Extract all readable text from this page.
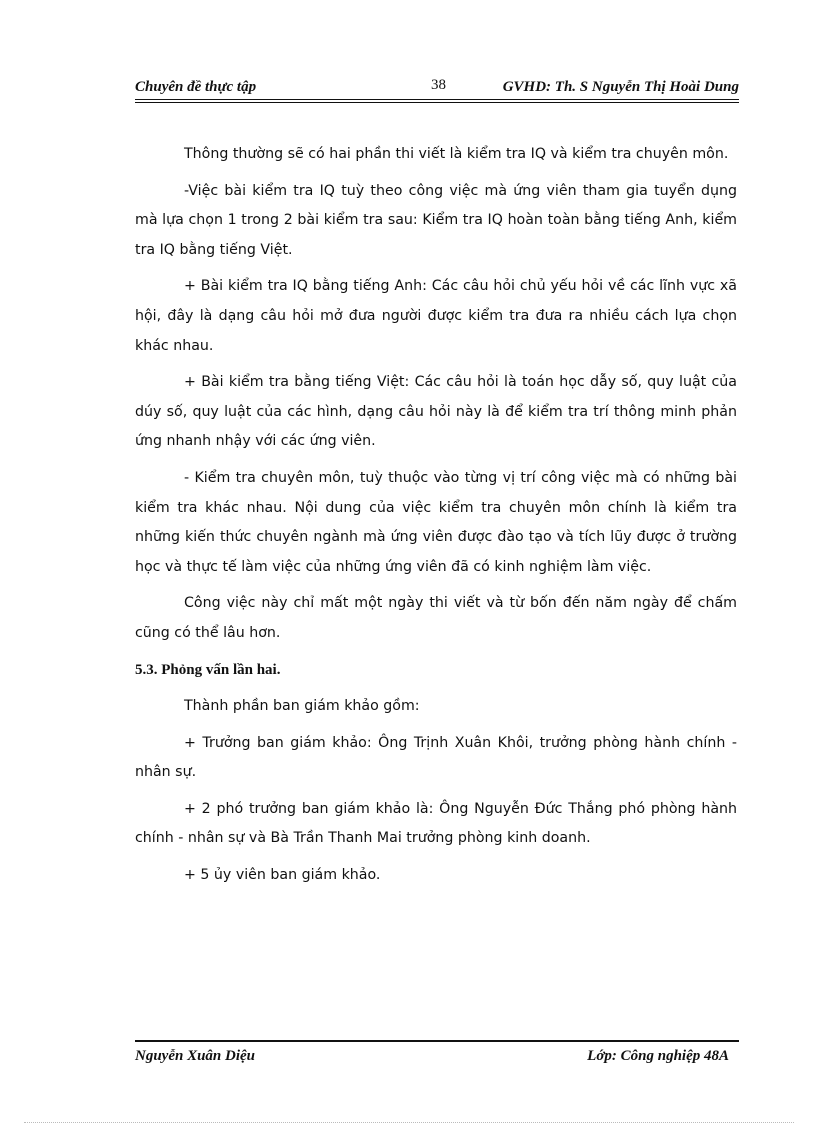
Chuyên đề thực tập	38	GVHD: Th. S Nguyễn Thị Hoài Dung

Thông thường sẽ có hai phần thi viết là kiểm tra IQ và kiểm tra chuyên môn.

-Việc bài kiểm tra IQ tuỳ theo công việc mà ứng viên tham gia tuyển dụng mà lựa chọn 1 trong 2 bài kiểm tra sau: Kiểm tra IQ hoàn toàn bằng tiếng Anh, kiểm tra IQ bằng tiếng Việt.

+ Bài kiểm tra IQ bằng tiếng Anh: Các câu hỏi chủ yếu hỏi về các lĩnh vực xã hội, đây là dạng câu hỏi mở đưa người được kiểm tra đưa ra nhiều cách lựa chọn khác nhau.

+ Bài kiểm tra bằng tiếng Việt: Các câu hỏi là toán học dẫy số, quy luật của dúy số, quy luật của các hình, dạng câu hỏi này là để kiểm tra trí thông minh phản ứng nhanh nhậy với các ứng viên.

- Kiểm tra chuyên môn, tuỳ thuộc vào từng vị trí công việc mà có những bài kiểm tra khác nhau. Nội dung của việc kiểm tra chuyên môn chính là kiểm tra những kiến thức chuyên ngành mà ứng viên được đào tạo và tích lũy được ở trường học và thực tế làm việc của những ứng viên đã có kinh nghiệm làm việc.

Công việc này chỉ mất một ngày thi viết và từ bốn đến năm ngày để chấm cũng có thể lâu hơn.

5.3. Phỏng vấn lần hai.

Thành phần ban giám khảo gồm:

+ Trưởng ban giám khảo: Ông Trịnh Xuân Khôi, trưởng phòng hành chính - nhân sự.

+ 2 phó trưởng ban giám khảo là: Ông Nguyễn Đức Thắng phó phòng hành chính - nhân sự và Bà Trần Thanh Mai trưởng phòng kinh doanh.

+ 5 ủy viên ban giám khảo.

Nguyễn Xuân Diệu	Lớp: Công nghiệp 48A
